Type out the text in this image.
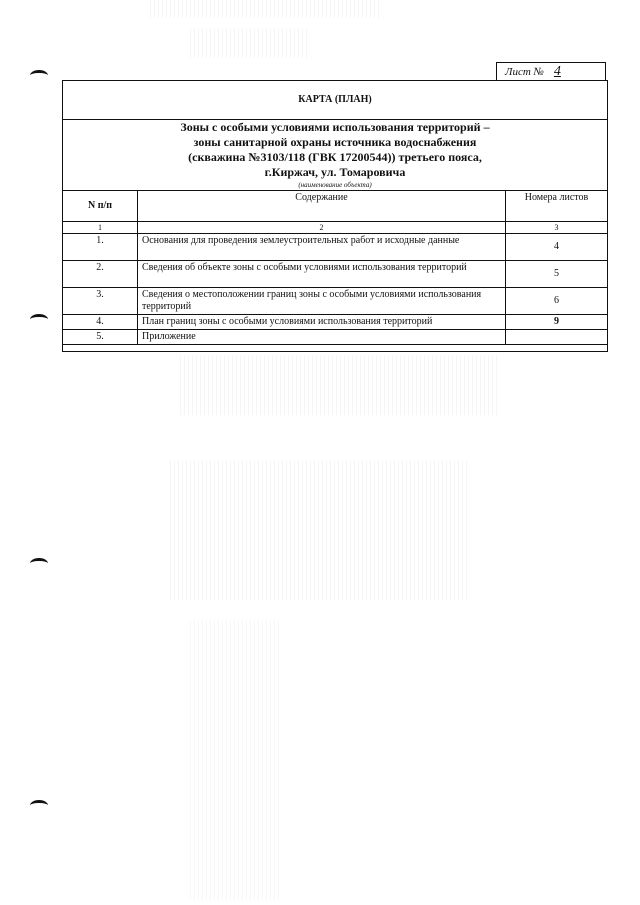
Лист № 4
КАРТА (ПЛАН)
Зоны с особыми условиями использования территорий –
зоны санитарной охраны источника водоснабжения
(скважина №3103/118 (ГВК 17200544)) третьего пояса,
г.Киржач, ул. Томаровича
(наименование объекта)
N п/п	Содержание	Номера листов
1	2	3
1.	Основания для проведения землеустроительных работ и исходные данные	4
2.	Сведения об объекте зоны с особыми условиями использования территорий	5
3.	Сведения о местоположении границ зоны с особыми условиями использования территорий	6
4.	План границ зоны с особыми условиями использования территорий	9
5.	Приложение	
